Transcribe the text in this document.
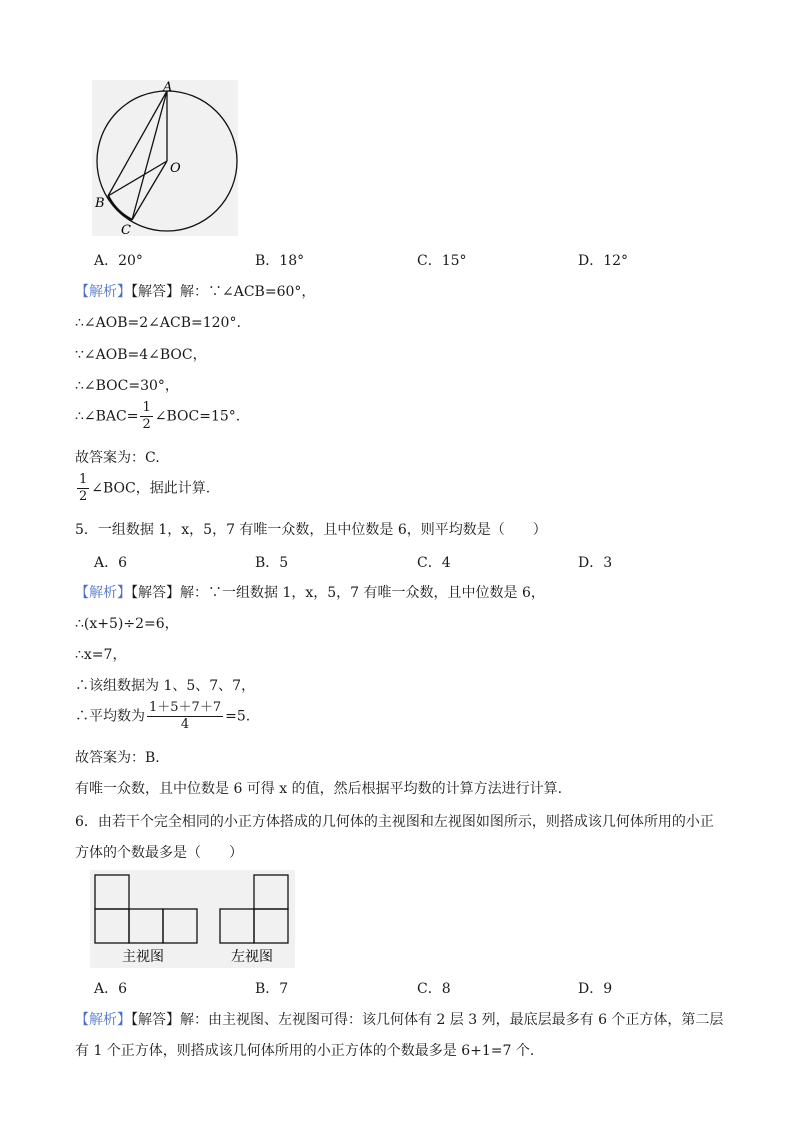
A
O
B
C
A．20°	B．18°	C．15°	D．12°
【解析】【解答】解：∵∠ACB=60°，
∴∠AOB=2∠ACB=120°.
∵∠AOB=4∠BOC，
∴∠BOC=30°，
∴∠BAC= $\frac{1}{2}$ ∠BOC=15°.
故答案为：C.
$\frac{1}{2}$ ∠BOC，据此计算.
5．一组数据 1，x，5，7 有唯一众数，且中位数是 6，则平均数是（　　）
A．6	B．5	C．4	D．3
【解析】【解答】解：∵一组数据 1，x，5，7 有唯一众数，且中位数是 6，
∴(x+5)÷2=6，
∴x=7，
∴该组数据为 1、5、7、7，
∴平均数为 $\frac{1+5+7+7}{4} =5$.
故答案为：B.
有唯一众数，且中位数是 6 可得 x 的值，然后根据平均数的计算方法进行计算.
6．由若干个完全相同的小正方体搭成的几何体的主视图和左视图如图所示，则搭成该几何体所用的小正
方体的个数最多是（　　）
主视图	左视图
A．6	B．7	C．8	D．9
【解析】【解答】解：由主视图、左视图可得：该几何体有 2 层 3 列，最底层最多有 6 个正方体，第二层
有 1 个正方体，则搭成该几何体所用的小正方体的个数最多是 6+1=7 个.
